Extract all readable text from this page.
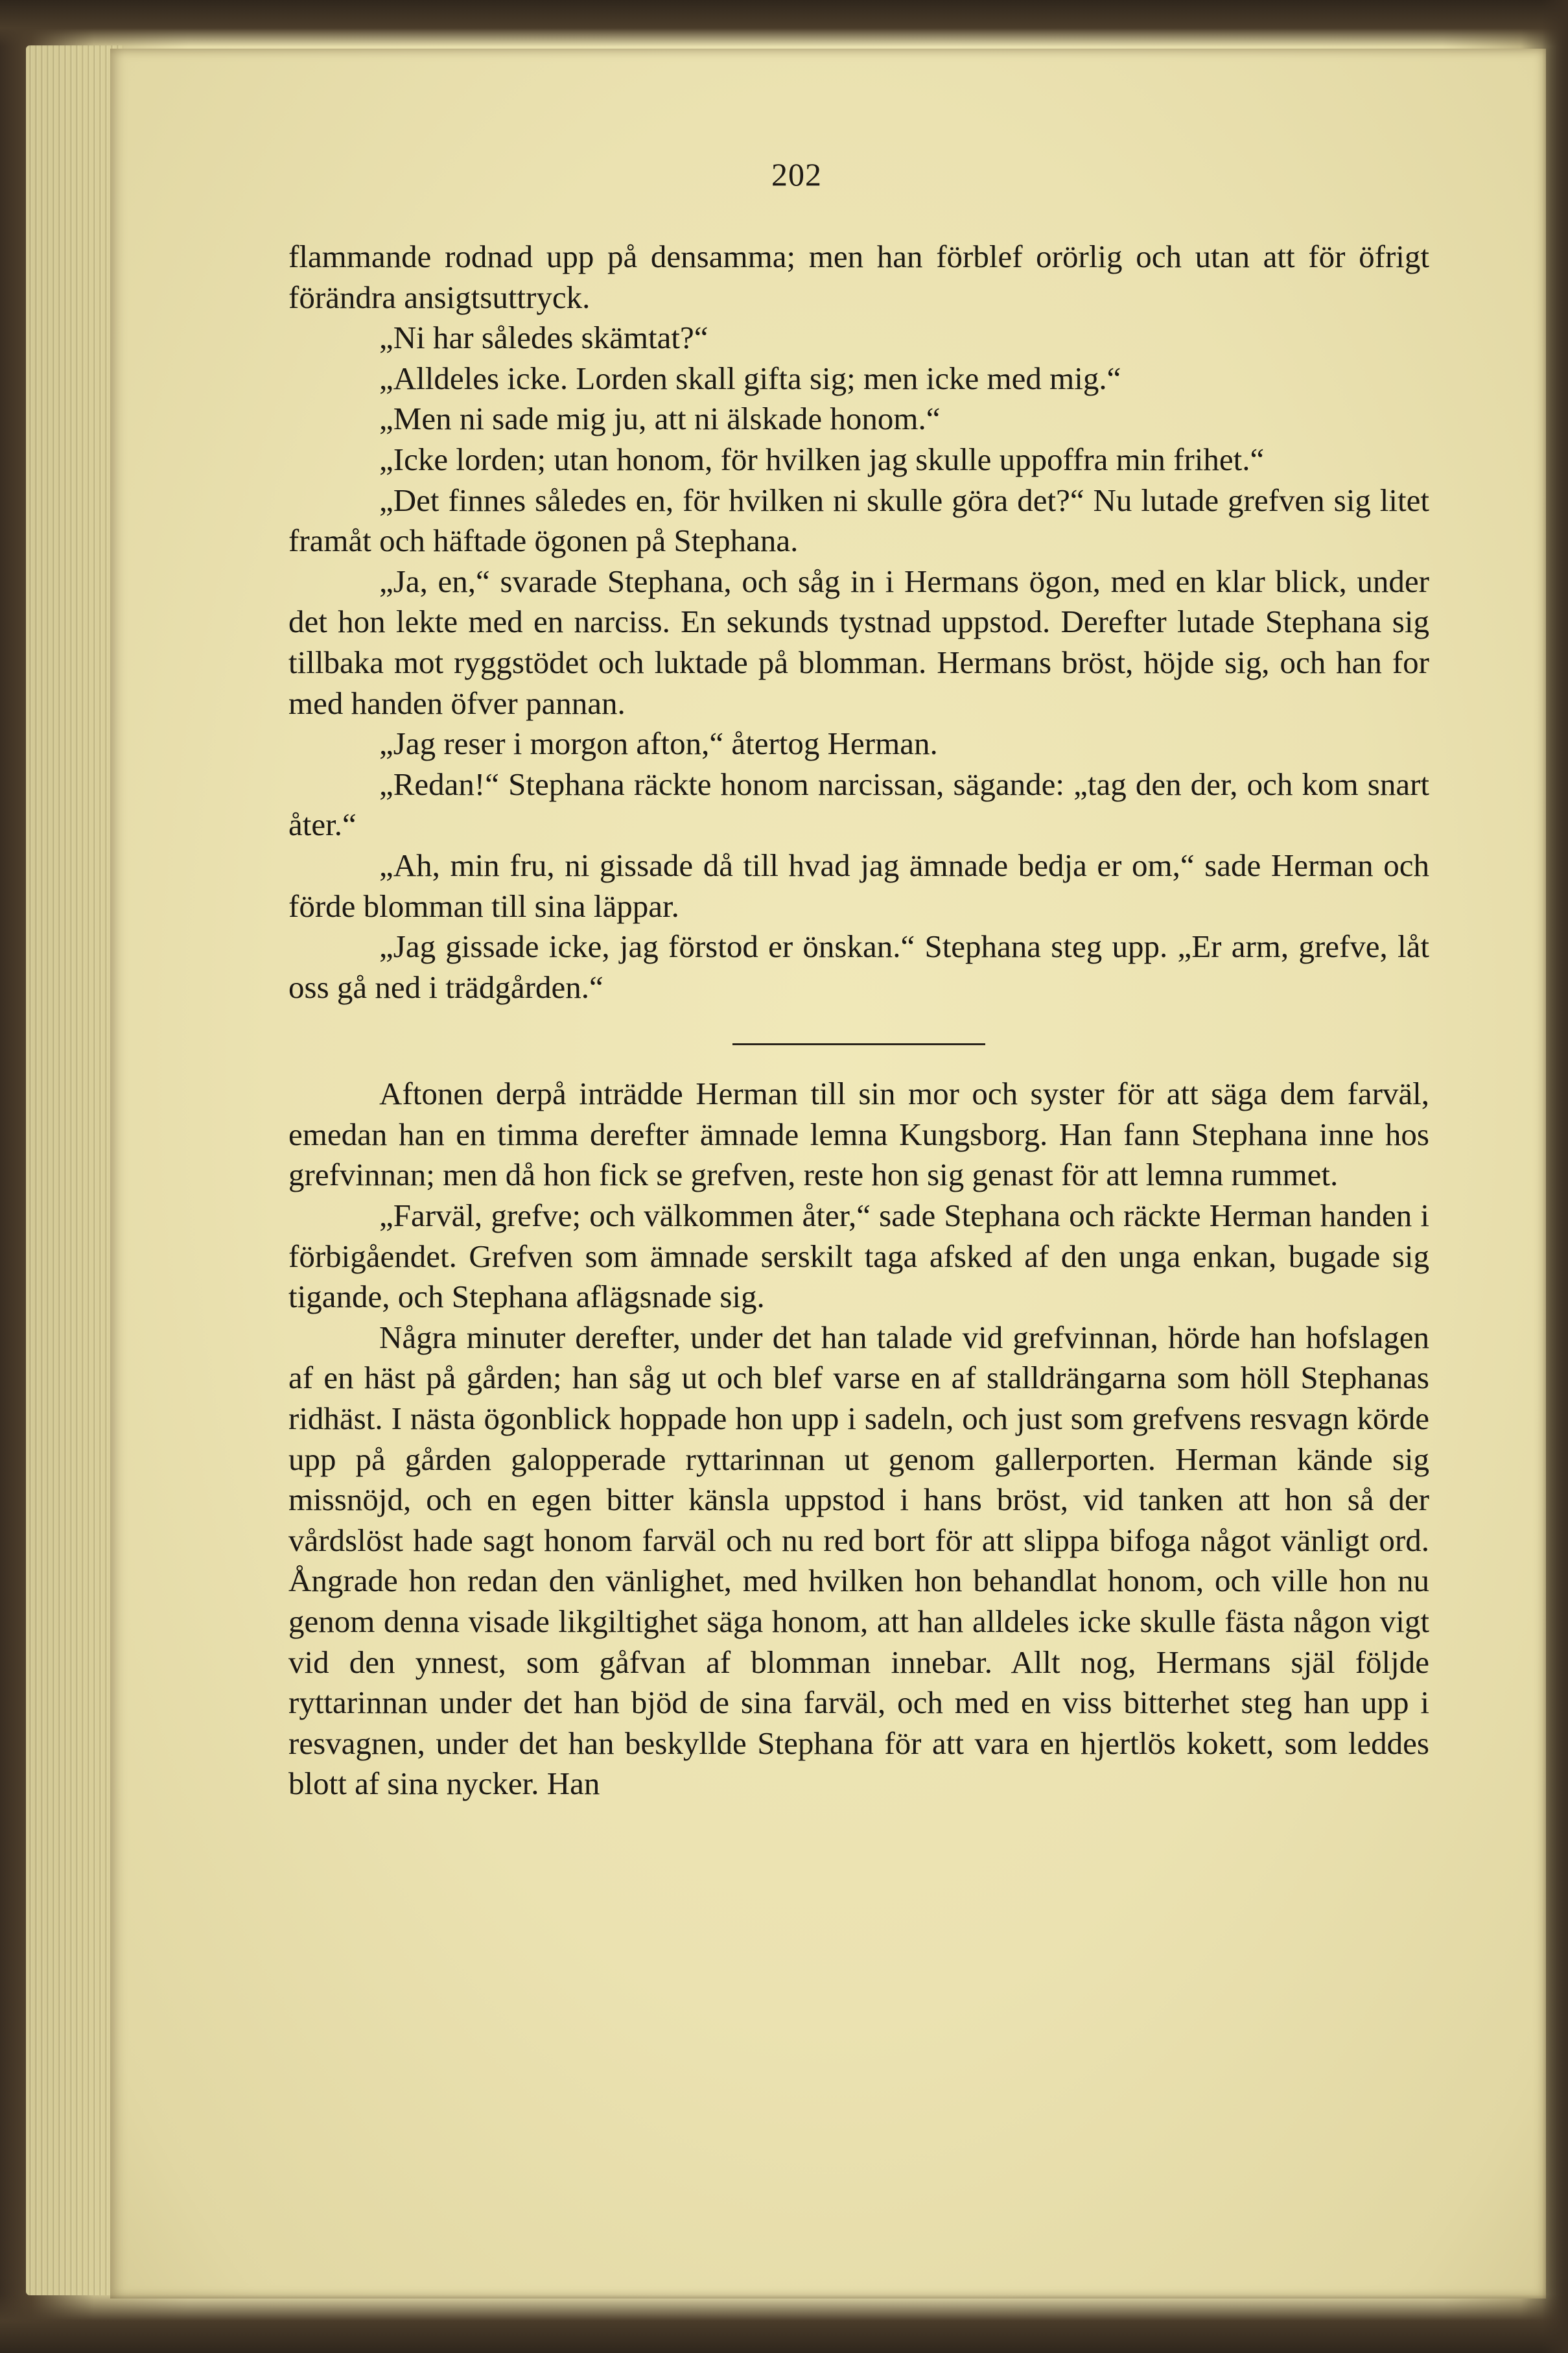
202

flammande rodnad upp på densamma; men han förblef orörlig och utan att för öfrigt förändra ansigtsuttryck.

„Ni har således skämtat?“

„Alldeles icke. Lorden skall gifta sig; men icke med mig.“

„Men ni sade mig ju, att ni älskade honom.“

„Icke lorden; utan honom, för hvilken jag skulle uppoffra min frihet.“

„Det finnes således en, för hvilken ni skulle göra det?“ Nu lutade grefven sig litet framåt och häftade ögonen på Stephana.

„Ja, en,“ svarade Stephana, och såg in i Hermans ögon, med en klar blick, under det hon lekte med en narciss. En sekunds tystnad uppstod. Derefter lutade Stephana sig tillbaka mot ryggstödet och luktade på blomman. Hermans bröst, höjde sig, och han for med handen öfver pannan.

„Jag reser i morgon afton,“ återtog Herman.

„Redan!“ Stephana räckte honom narcissan, sägande: „tag den der, och kom snart åter.“

„Ah, min fru, ni gissade då till hvad jag ämnade bedja er om,“ sade Herman och förde blomman till sina läppar.

„Jag gissade icke, jag förstod er önskan.“ Stephana steg upp. „Er arm, grefve, låt oss gå ned i trädgården.“

Aftonen derpå inträdde Herman till sin mor och syster för att säga dem farväl, emedan han en timma derefter ämnade lemna Kungsborg. Han fann Stephana inne hos grefvinnan; men då hon fick se grefven, reste hon sig genast för att lemna rummet.

„Farväl, grefve; och välkommen åter,“ sade Stephana och räckte Herman handen i förbigåendet. Grefven som ämnade serskilt taga afsked af den unga enkan, bugade sig tigande, och Stephana aflägsnade sig.

Några minuter derefter, under det han talade vid grefvinnan, hörde han hofslagen af en häst på gården; han såg ut och blef varse en af stalldrängarna som höll Stephanas ridhäst. I nästa ögonblick hoppade hon upp i sadeln, och just som grefvens resvagn körde upp på gården galopperade ryttarinnan ut genom gallerporten. Herman kände sig missnöjd, och en egen bitter känsla uppstod i hans bröst, vid tanken att hon så der vårdslöst hade sagt honom farväl och nu red bort för att slippa bifoga något vänligt ord. Ångrade hon redan den vänlighet, med hvilken hon behandlat honom, och ville hon nu genom denna visade likgiltighet säga honom, att han alldeles icke skulle fästa någon vigt vid den ynnest, som gåfvan af blomman innebar. Allt nog, Hermans själ följde ryttarinnan under det han bjöd de sina farväl, och med en viss bitterhet steg han upp i resvagnen, under det han beskyllde Stephana för att vara en hjertlös kokett, som leddes blott af sina nycker. Han
